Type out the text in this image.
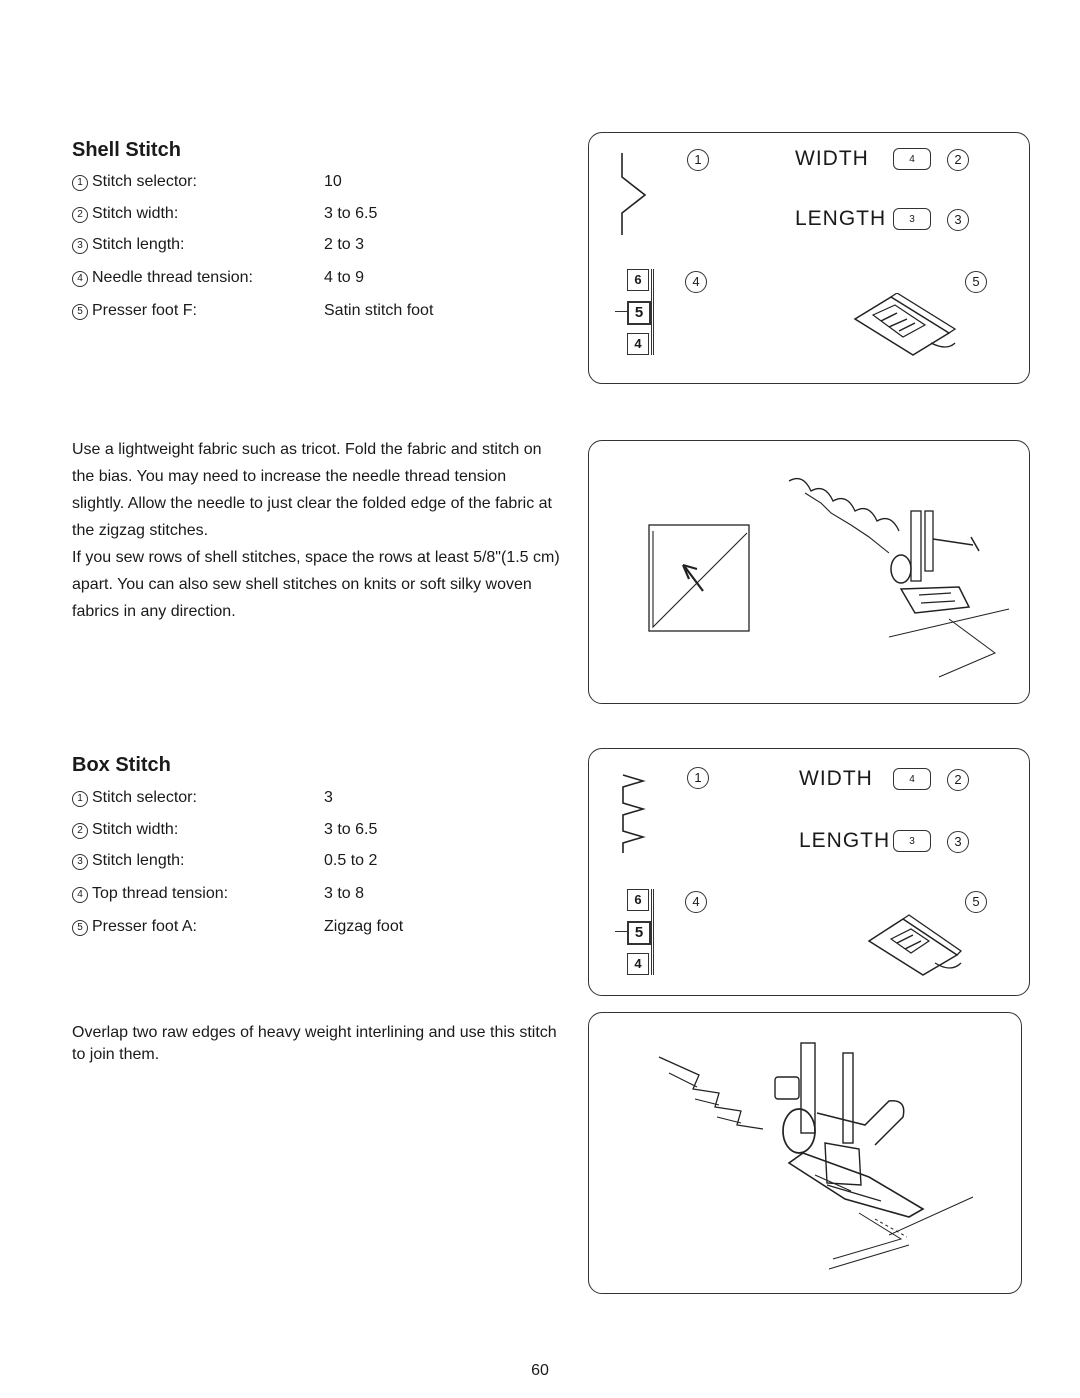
Shell Stitch
1 Stitch selector:	10
2 Stitch width:	3 to 6.5
3 Stitch length:	2 to 3
4 Needle thread tension:	4 to 9
5 Presser foot F:	Satin stitch foot
Use a lightweight fabric such as tricot. Fold the fabric and stitch on the bias. You may need to increase the needle thread tension slightly. Allow the needle to just clear the folded edge of the fabric at the zigzag stitches.
If you sew rows of shell stitches, space the rows at least 5/8"(1.5 cm) apart. You can also sew shell stitches on knits or soft silky woven fabrics in any direction.
1	WIDTH	4	2
LENGTH	3	3
6
5
4
4	5
Box Stitch
1 Stitch selector:	3
2 Stitch width:	3 to 6.5
3 Stitch length:	0.5 to 2
4 Top thread tension:	3 to 8
5 Presser foot A:	Zigzag foot
Overlap two raw edges of heavy weight interlining and use this stitch to join them.
1	WIDTH	4	2
LENGTH	3	3
6
5
4
4	5
60
